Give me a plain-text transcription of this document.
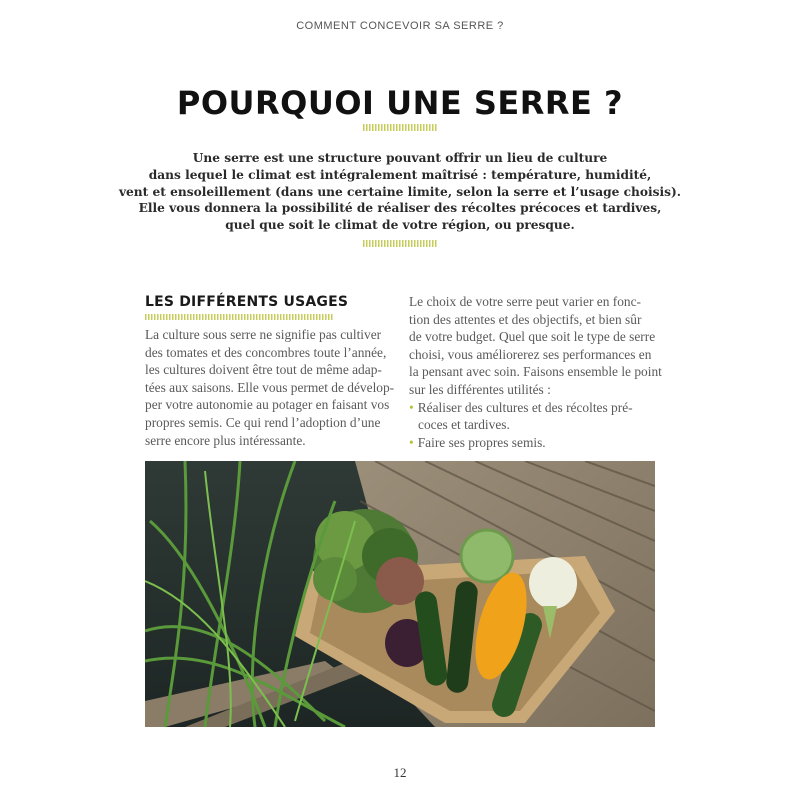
COMMENT CONCEVOIR SA SERRE ?
POURQUOI UNE SERRE ?
Une serre est une structure pouvant offrir un lieu de culture
dans lequel le climat est intégralement maîtrisé : température, humidité,
vent et ensoleillement (dans une certaine limite, selon la serre et l’usage choisis).
Elle vous donnera la possibilité de réaliser des récoltes précoces et tardives,
quel que soit le climat de votre région, ou presque.
LES DIFFÉRENTS USAGES
La culture sous serre ne signifie pas cultiver
des tomates et des concombres toute l’année,
les cultures doivent être tout de même adap-
tées aux saisons. Elle vous permet de dévelop-
per votre autonomie au potager en faisant vos
propres semis. Ce qui rend l’adoption d’une
serre encore plus intéressante.
Le choix de votre serre peut varier en fonc-
tion des attentes et des objectifs, et bien sûr
de votre budget. Quel que soit le type de serre
choisi, vous améliorerez ses performances en
la pensant avec soin. Faisons ensemble le point
sur les différentes utilités :
• Réaliser des cultures et des récoltes pré-
coces et tardives.
• Faire ses propres semis.
12
